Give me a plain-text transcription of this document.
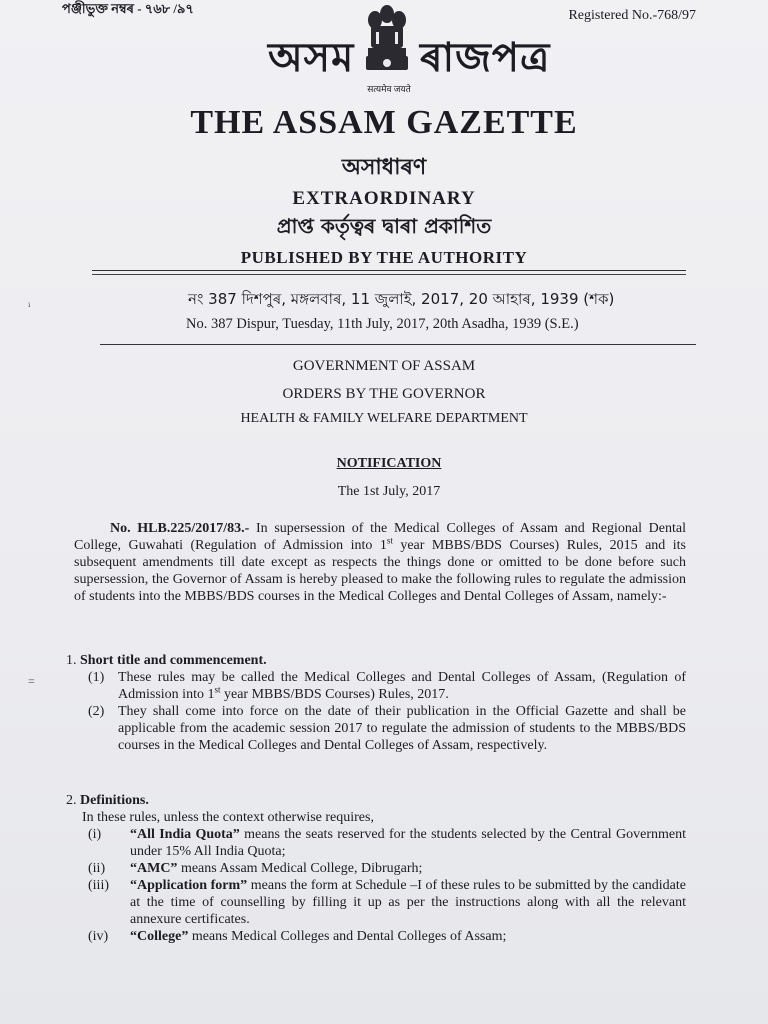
পঞ্জীভুক্ত নম্বৰ - ৭৬৮ /৯৭	Registered No.-768/97
অসম
सत्यमेव जयते
ৰাজপত্ৰ
THE ASSAM GAZETTE
অসাধাৰণ
EXTRAORDINARY
প্ৰাপ্ত কৰ্তৃত্বৰ দ্বাৰা প্ৰকাশিত
PUBLISHED BY THE AUTHORITY
নং 387 দিশপুৰ, মঙ্গলবাৰ, 11 জুলাই, 2017, 20 আহাৰ, 1939 (শক)
No. 387 Dispur, Tuesday, 11th July, 2017, 20th Asadha, 1939 (S.E.)
GOVERNMENT OF ASSAM
ORDERS BY THE GOVERNOR
HEALTH & FAMILY WELFARE DEPARTMENT
NOTIFICATION
The 1st July, 2017
No. HLB.225/2017/83.- In supersession of the Medical Colleges of Assam and Regional Dental College, Guwahati (Regulation of Admission into 1st year MBBS/BDS Courses) Rules, 2015 and its subsequent amendments till date except as respects the things done or omitted to be done before such supersession, the Governor of Assam is hereby pleased to make the following rules to regulate the admission of students into the MBBS/BDS courses in the Medical Colleges and Dental Colleges of Assam, namely:-
ⁱ
=
1. Short title and commencement.
(1) These rules may be called the Medical Colleges and Dental Colleges of Assam, (Regulation of Admission into 1st year MBBS/BDS Courses) Rules, 2017.
(2) They shall come into force on the date of their publication in the Official Gazette and shall be applicable from the academic session 2017 to regulate the admission of students to the MBBS/BDS courses in the Medical Colleges and Dental Colleges of Assam, respectively.
2. Definitions.
In these rules, unless the context otherwise requires,
(i) “All India Quota” means the seats reserved for the students selected by the Central Government under 15% All India Quota;
(ii) “AMC” means Assam Medical College, Dibrugarh;
(iii) “Application form” means the form at Schedule –I of these rules to be submitted by the candidate at the time of counselling by filling it up as per the instructions along with all the relevant annexure certificates.
(iv) “College” means Medical Colleges and Dental Colleges of Assam;
